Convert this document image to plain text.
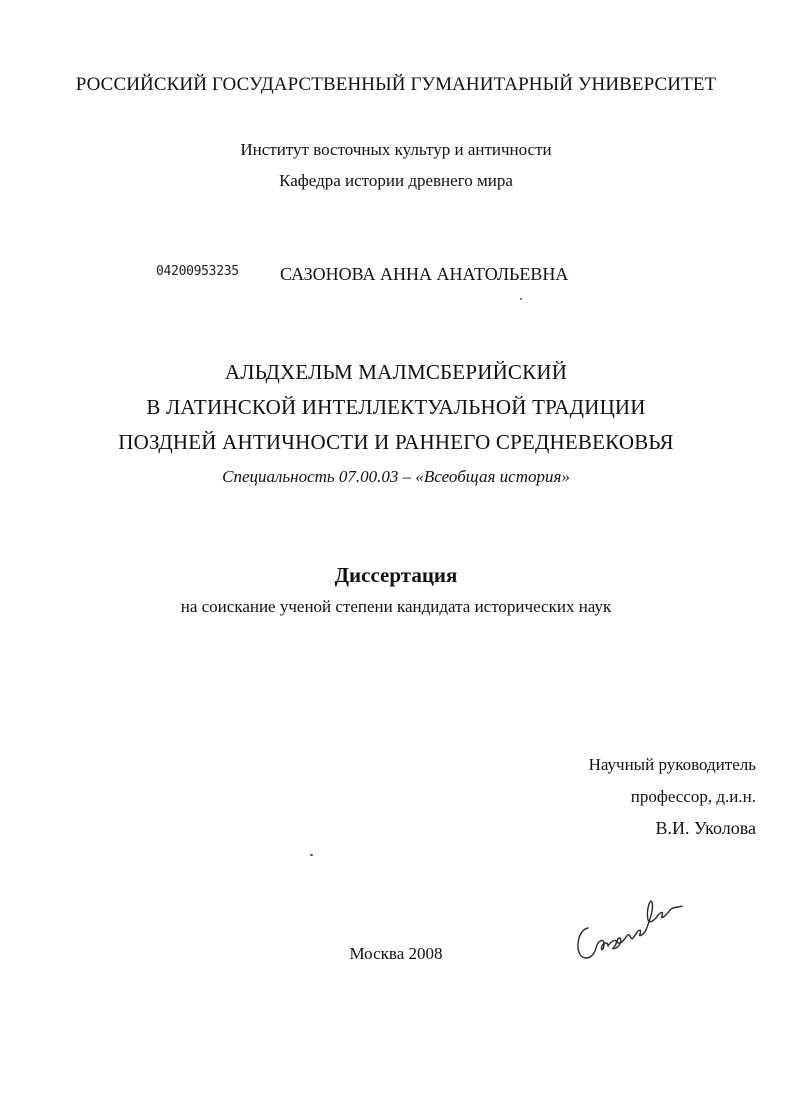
РОССИЙСКИЙ ГОСУДАРСТВЕННЫЙ ГУМАНИТАРНЫЙ УНИВЕРСИТЕТ
Институт восточных культур и античности
Кафедра истории древнего мира
04200953235 САЗОНОВА АННА АНАТОЛЬЕВНА
АЛЬДХЕЛЬМ МАЛМСБЕРИЙСКИЙ
В ЛАТИНСКОЙ ИНТЕЛЛЕКТУАЛЬНОЙ ТРАДИЦИИ
ПОЗДНЕЙ АНТИЧНОСТИ И РАННЕГО СРЕДНЕВЕКОВЬЯ
Специальность 07.00.03 – «Всеобщая история»
Диссертация
на соискание ученой степени кандидата исторических наук
Научный руководитель
профессор, д.и.н.
В.И. Уколова
Москва 2008
